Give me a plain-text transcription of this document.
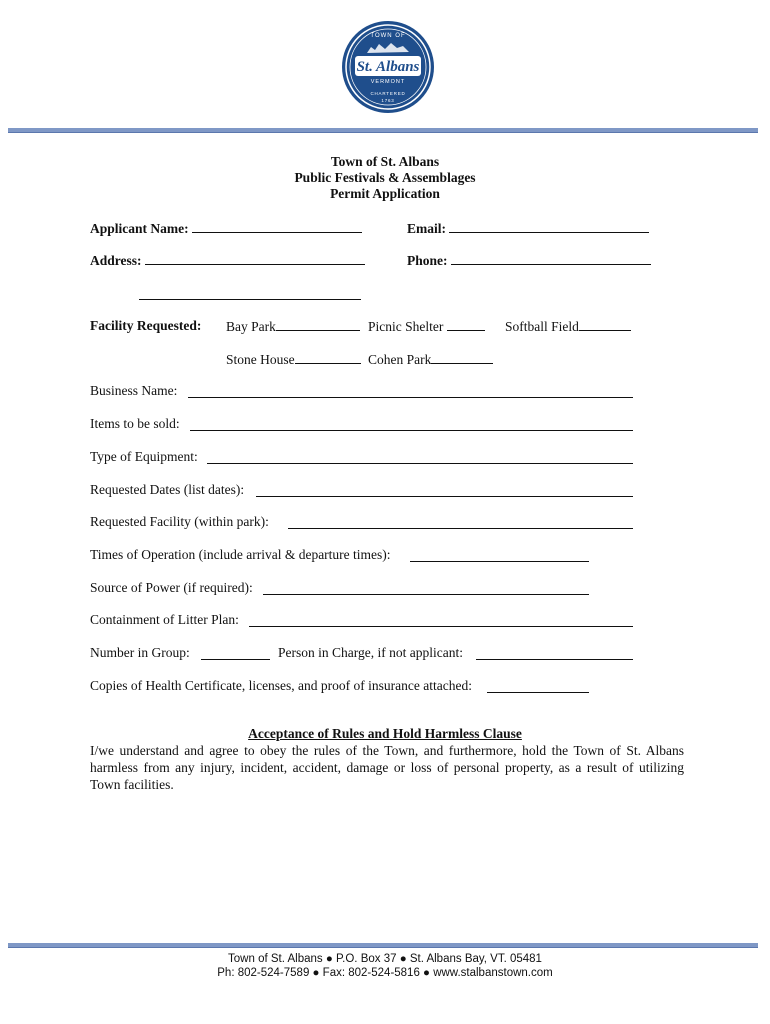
TOWN OF
St. Albans
VERMONT
CHARTERED
1763
Town of St. Albans
Public Festivals & Assemblages
Permit Application
Applicant Name:	Email:
Address:	Phone:
Facility Requested: Bay Park	Picnic Shelter	Softball Field
Stone House	Cohen Park
Business Name:
Items to be sold:
Type of Equipment:
Requested Dates (list dates):
Requested Facility (within park):
Times of Operation (include arrival & departure times):
Source of Power (if required):
Containment of Litter Plan:
Number in Group:	Person in Charge, if not applicant:
Copies of Health Certificate, licenses, and proof of insurance attached:
Acceptance of Rules and Hold Harmless Clause
I/we understand and agree to obey the rules of the Town, and furthermore, hold the Town of St. Albans harmless from any injury, incident, accident, damage or loss of personal property, as a result of utilizing Town facilities.
Town of St. Albans ● P.O. Box 37 ● St. Albans Bay, VT. 05481
Ph: 802-524-7589 ● Fax: 802-524-5816 ● www.stalbanstown.com
